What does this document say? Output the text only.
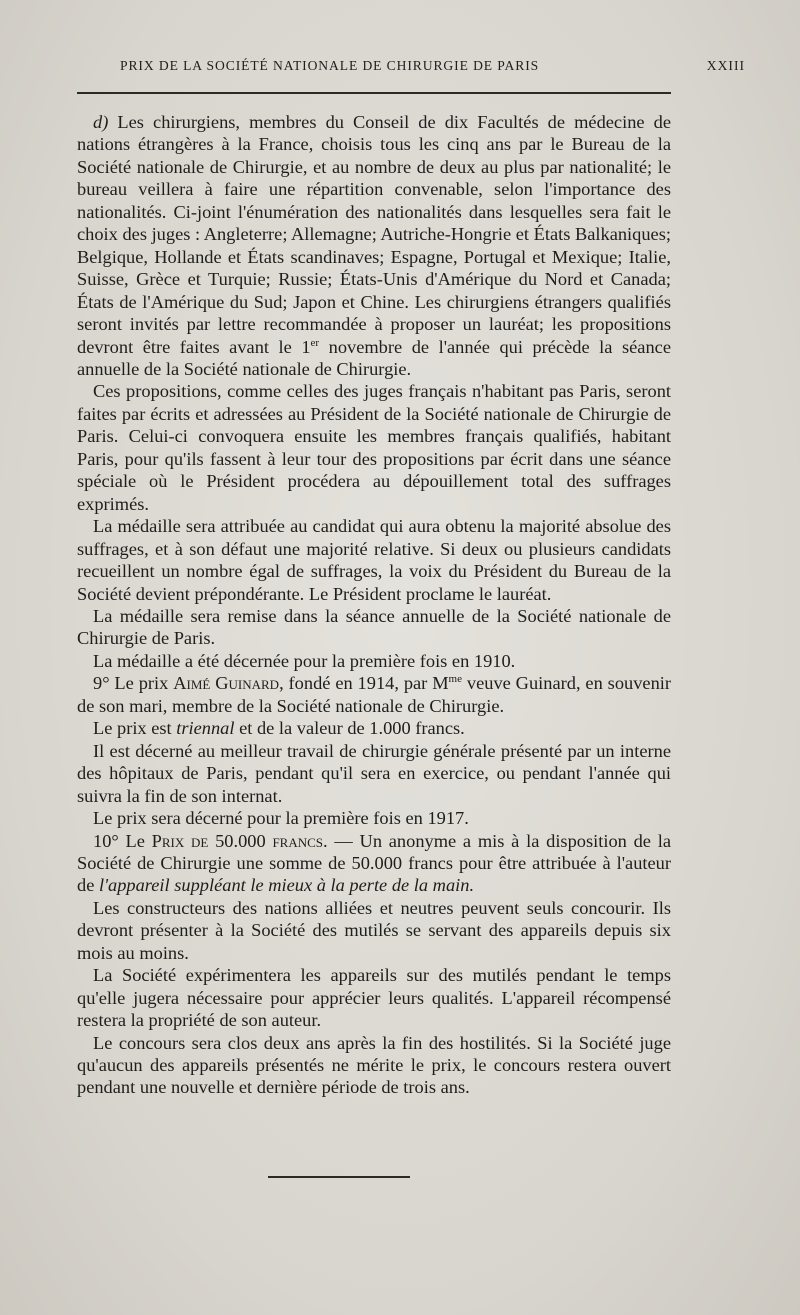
PRIX DE LA SOCIÉTÉ NATIONALE DE CHIRURGIE DE PARIS	XXIII

d) Les chirurgiens, membres du Conseil de dix Facultés de médecine de nations étrangères à la France, choisis tous les cinq ans par le Bureau de la Société nationale de Chirurgie, et au nombre de deux au plus par nationalité; le bureau veillera à faire une répartition convenable, selon l'importance des nationalités. Ci-joint l'énumération des nationalités dans lesquelles sera fait le choix des juges : Angleterre; Allemagne; Autriche-Hongrie et États Balkaniques; Belgique, Hollande et États scandinaves; Espagne, Portugal et Mexique; Italie, Suisse, Grèce et Turquie; Russie; États-Unis d'Amérique du Nord et Canada; États de l'Amérique du Sud; Japon et Chine. Les chirurgiens étrangers qualifiés seront invités par lettre recommandée à proposer un lauréat; les propositions devront être faites avant le 1er novembre de l'année qui précède la séance annuelle de la Société nationale de Chirurgie.

Ces propositions, comme celles des juges français n'habitant pas Paris, seront faites par écrits et adressées au Président de la Société nationale de Chirurgie de Paris. Celui-ci convoquera ensuite les membres français qualifiés, habitant Paris, pour qu'ils fassent à leur tour des propositions par écrit dans une séance spéciale où le Président procédera au dépouillement total des suffrages exprimés.

La médaille sera attribuée au candidat qui aura obtenu la majorité absolue des suffrages, et à son défaut une majorité relative. Si deux ou plusieurs candidats recueillent un nombre égal de suffrages, la voix du Président du Bureau de la Société devient prépondérante. Le Président proclame le lauréat.

La médaille sera remise dans la séance annuelle de la Société nationale de Chirurgie de Paris.

La médaille a été décernée pour la première fois en 1910.

9° Le prix Aimé Guinard, fondé en 1914, par $M^{me}$ veuve Guinard, en souvenir de son mari, membre de la Société nationale de Chirurgie.

Le prix est triennal et de la valeur de 1.000 francs.

Il est décerné au meilleur travail de chirurgie générale présenté par un interne des hôpitaux de Paris, pendant qu'il sera en exercice, ou pendant l'année qui suivra la fin de son internat.

Le prix sera décerné pour la première fois en 1917.

10° Le Prix de 50.000 francs. — Un anonyme a mis à la disposition de la Société de Chirurgie une somme de 50.000 francs pour être attribuée à l'auteur de l'appareil suppléant le mieux à la perte de la main.

Les constructeurs des nations alliées et neutres peuvent seuls concourir. Ils devront présenter à la Société des mutilés se servant des appareils depuis six mois au moins.

La Société expérimentera les appareils sur des mutilés pendant le temps qu'elle jugera nécessaire pour apprécier leurs qualités. L'appareil récompensé restera la propriété de son auteur.

Le concours sera clos deux ans après la fin des hostilités. Si la Société juge qu'aucun des appareils présentés ne mérite le prix, le concours restera ouvert pendant une nouvelle et dernière période de trois ans.
